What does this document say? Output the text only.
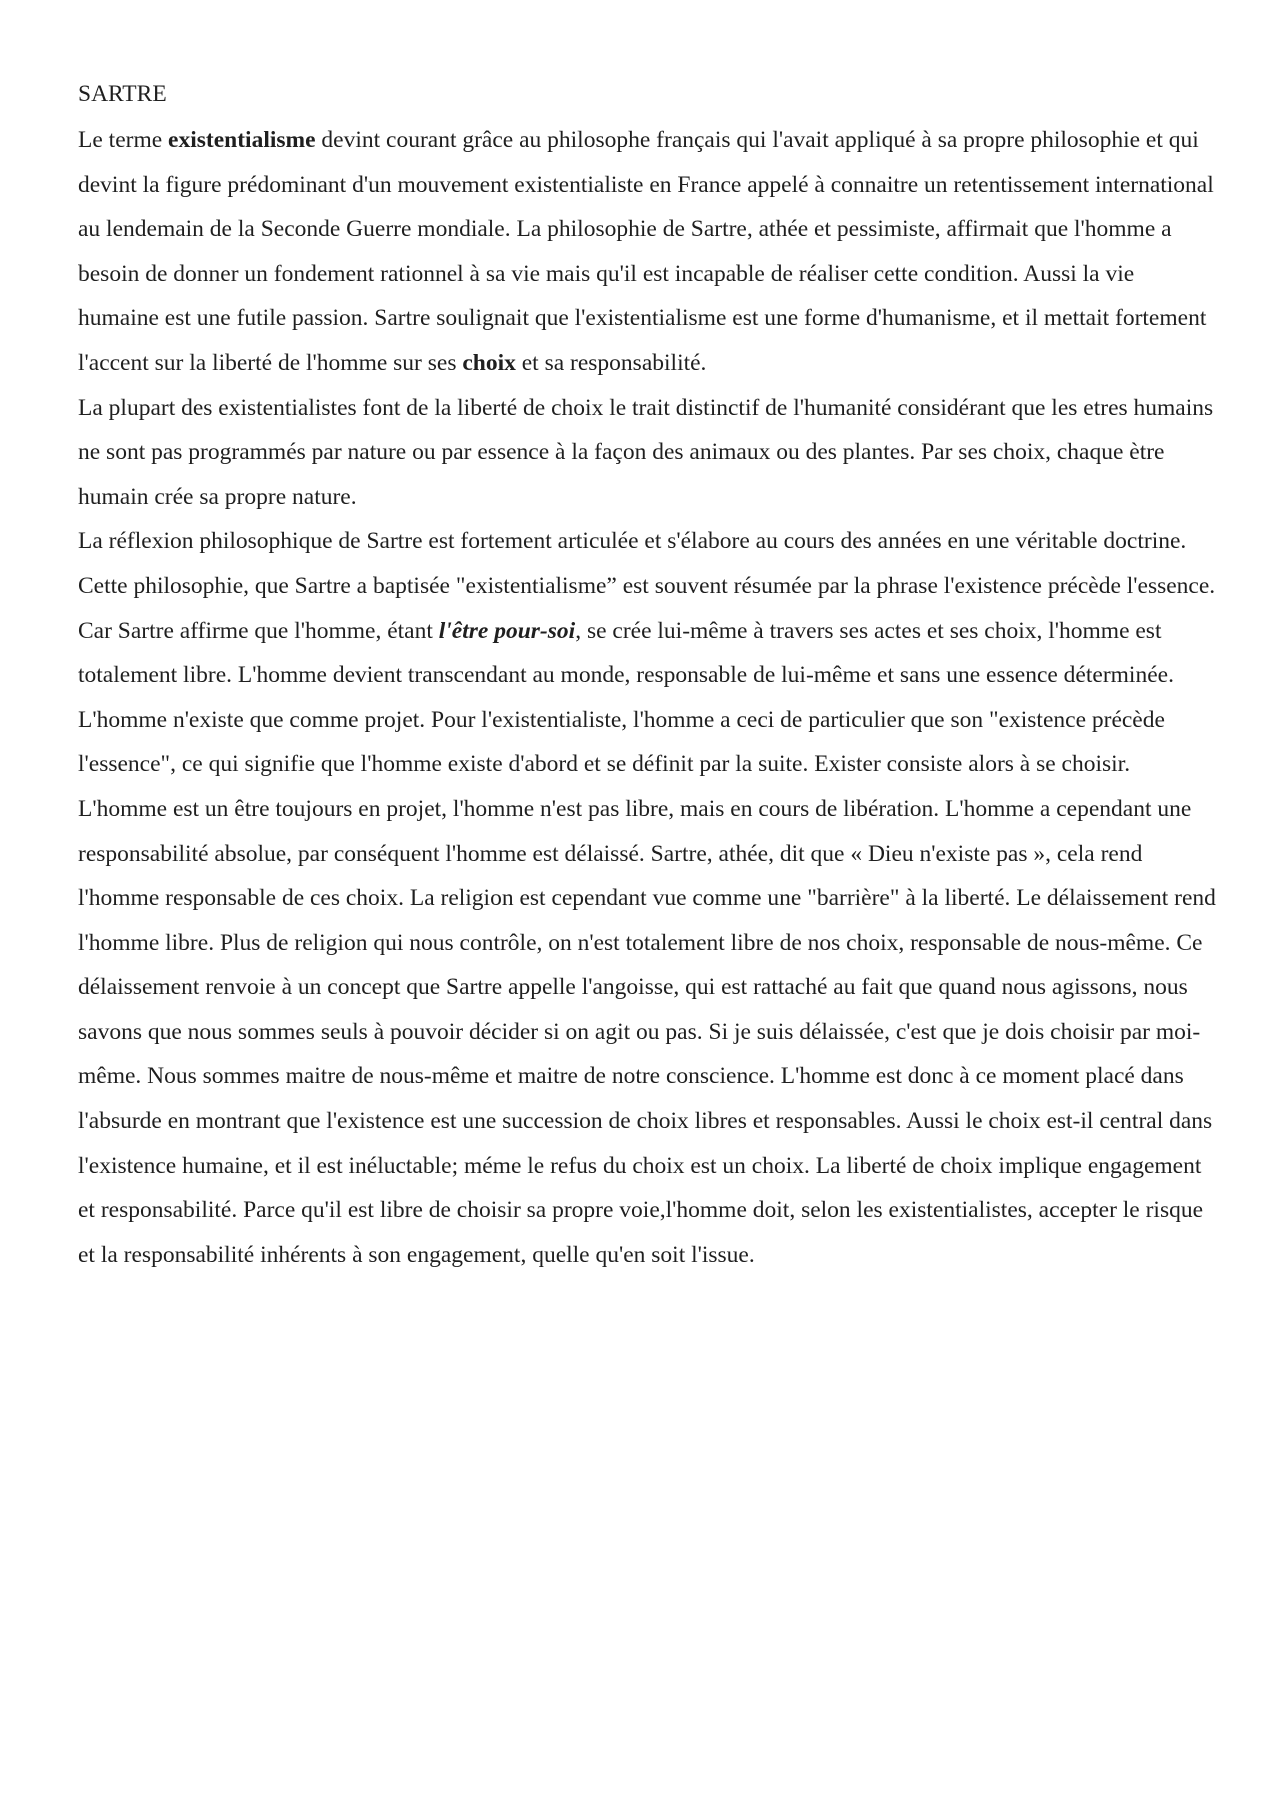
SARTRE

Le terme existentialisme devint courant grâce au philosophe français qui l'avait appliqué à sa propre philosophie et qui devint la figure prédominant d'un mouvement existentialiste en France appelé à connaitre un retentissement international au lendemain de la Seconde Guerre mondiale. La philosophie de Sartre, athée et pessimiste, affirmait que l'homme a besoin de donner un fondement rationnel à sa vie mais qu'il est incapable de réaliser cette condition. Aussi la vie humaine est une futile passion. Sartre soulignait que l'existentialisme est une forme d'humanisme, et il mettait fortement l'accent sur la liberté de l'homme sur ses choix et sa responsabilité.

La plupart des existentialistes font de la liberté de choix le trait distinctif de l'humanité considérant que les etres humains ne sont pas programmés par nature ou par essence à la façon des animaux ou des plantes. Par ses choix, chaque ètre humain crée sa propre nature.

La réflexion philosophique de Sartre est fortement articulée et s'élabore au cours des années en une véritable doctrine. Cette philosophie, que Sartre a baptisée "existentialisme” est souvent résumée par la phrase l'existence précède l'essence. Car Sartre affirme que l'homme, étant l'être pour-soi, se crée lui-même à travers ses actes et ses choix, l'homme est totalement libre. L'homme devient transcendant au monde, responsable de lui-même et sans une essence déterminée. L'homme n'existe que comme projet. Pour l'existentialiste, l'homme a ceci de particulier que son "existence précède l'essence", ce qui signifie que l'homme existe d'abord et se définit par la suite. Exister consiste alors à se choisir. L'homme est un être toujours en projet, l'homme n'est pas libre, mais en cours de libération. L'homme a cependant une responsabilité absolue, par conséquent l'homme est délaissé. Sartre, athée, dit que « Dieu n'existe pas », cela rend l'homme responsable de ces choix. La religion est cependant vue comme une "barrière" à la liberté. Le délaissement rend l'homme libre. Plus de religion qui nous contrôle, on n'est totalement libre de nos choix, responsable de nous-même. Ce délaissement renvoie à un concept que Sartre appelle l'angoisse, qui est rattaché au fait que quand nous agissons, nous savons que nous sommes seuls à pouvoir décider si on agit ou pas. Si je suis délaissée, c'est que je dois choisir par moi-même. Nous sommes maitre de nous-même et maitre de notre conscience. L'homme est donc à ce moment placé dans l'absurde en montrant que l'existence est une succession de choix libres et responsables. Aussi le choix est-il central dans l'existence humaine, et il est inéluctable; méme le refus du choix est un choix. La liberté de choix implique engagement et responsabilité. Parce qu'il est libre de choisir sa propre voie,l'homme doit, selon les existentialistes, accepter le risque et la responsabilité inhérents à son engagement, quelle qu'en soit l'issue.
